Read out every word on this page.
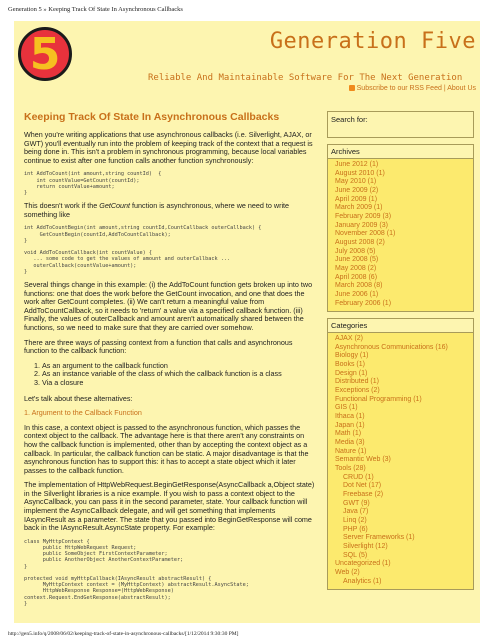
Generation 5 » Keeping Track Of State In Asynchronous Callbacks
5	Generation Five
Reliable And Maintainable Software For The Next Generation
Subscribe to our RSS Feed | About Us
Keeping Track Of State In Asynchronous Callbacks

When you're writing applications that use asynchronous callbacks (i.e. Silverlight, AJAX, or GWT) you'll eventually run into the problem of keeping track of the context that a request is being done in. This isn't a problem in synchronous programming, because local variables continue to exist after one function calls another function synchronously:

int AddToCount(int amount,string countId)  {
int countValue=GetCount(countId);
return countValue+amount;
}

This doesn't work if the GetCount function is asynchronous, where we need to write something like

int AddToCountBegin(int amount,string countId,CountCallback outerCallback) {
GetCountBegin(countId,AddToCountCallback);
}

void AddToCountCallback(int countValue) {
... some code to get the values of amount and outerCallback ...
outerCallback(countValue+amount);
}

Several things change in this example: (i) the AddToCount function gets broken up into two functions: one that does the work before the GetCount invocation, and one that does the work after GetCount completes. (ii) We can't return a meaningful value from AddToCountCallback, so it needs to 'return' a value via a specified callback function. (iii) Finally, the values of outerCallback and amount aren't automatically shared between the functions, so we need to make sure that they are carried over somehow.

There are three ways of passing context from a function that calls and asynchronous function to the callback function:

1. As an argument to the callback function
2. As an instance variable of the class of which the callback function is a class
3. Via a closure

Let's talk about these alternatives:

1. Argument to the Callback Function

In this case, a context object is passed to the asynchronous function, which passes the context object to the callback. The advantage here is that there aren't any constraints on how the callback function is implemented, other than by accepting the context object as a callback. In particular, the callback function can be static. A major disadvantage is that the asynchronous function has to support this: it has to accept a state object which it later passes to the callback function.

The implementation of HttpWebRequest.BeginGetResponse(AsyncCallback a,Object state) in the Silverlight libraries is a nice example. If you wish to pass a context object to the AsyncCallback, you can pass it in the second parameter, state. Your callback function will implement the AsyncCallback delegate, and will get something that implements IAsyncResult as a parameter. The state that you passed into BeginGetResponse will come back in the IAsyncResult.AsyncState property. For example:

class MyHttpContext {
public HttpWebRequest Request;
public SomeObject FirstContextParameter;
public AnotherObject AnotherContextParameter;
}

protected void myHttpCallback(IAsyncResult abstractResult) {
MyHttpContext context = (MyHttpContext) abstractResult.AsyncState;
HttpWebResponse Response=(HttpWebResponse)
context.Request.EndGetResponse(abstractResult);
}
Search for:
Archives
June 2012 (1)
August 2010 (1)
May 2010 (1)
June 2009 (2)
April 2009 (1)
March 2009 (1)
February 2009 (3)
January 2009 (3)
November 2008 (1)
August 2008 (2)
July 2008 (5)
June 2008 (5)
May 2008 (2)
April 2008 (6)
March 2008 (8)
June 2006 (1)
February 2006 (1)
Categories
AJAX (2)
Asynchronous Communications (16)
Biology (1)
Books (1)
Design (1)
Distributed (1)
Exceptions (2)
Functional Programming (1)
GIS (1)
Ithaca (1)
Japan (1)
Math (1)
Media (3)
Nature (1)
Semantic Web (3)
Tools (28)
CRUD (1)
Dot Net (17)
Freebase (2)
GWT (9)
Java (7)
Linq (2)
PHP (6)
Server Frameworks (1)
Silverlight (12)
SQL (5)
Uncategorized (1)
Web (2)
Analytics (1)
http://gen5.info/q/2008/06/02/keeping-track-of-state-in-asynchronous-callbacks/[1/12/2014 9:30:30 PM]
